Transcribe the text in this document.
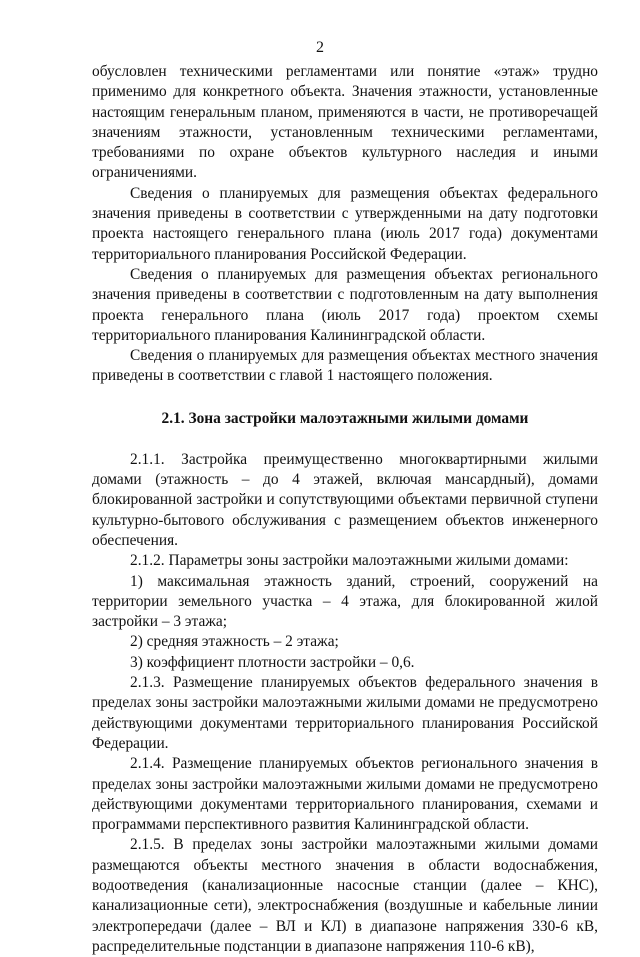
2

обусловлен техническими регламентами или понятие «этаж» трудно применимо для конкретного объекта. Значения этажности, установленные настоящим генеральным планом, применяются в части, не противоречащей значениям этажности, установленным техническими регламентами, требованиями по охране объектов культурного наследия и иными ограничениями.

Сведения о планируемых для размещения объектах федерального значения приведены в соответствии с утвержденными на дату подготовки проекта настоящего генерального плана (июль 2017 года) документами территориального планирования Российской Федерации.

Сведения о планируемых для размещения объектах регионального значения приведены в соответствии с подготовленным на дату выполнения проекта генерального плана (июль 2017 года) проектом схемы территориального планирования Калининградской области.

Сведения о планируемых для размещения объектах местного значения приведены в соответствии с главой 1 настоящего положения.

2.1. Зона застройки малоэтажными жилыми домами

2.1.1. Застройка преимущественно многоквартирными жилыми домами (этажность – до 4 этажей, включая мансардный), домами блокированной застройки и сопутствующими объектами первичной ступени культурно-бытового обслуживания с размещением объектов инженерного обеспечения.

2.1.2. Параметры зоны застройки малоэтажными жилыми домами:

1) максимальная этажность зданий, строений, сооружений на территории земельного участка – 4 этажа, для блокированной жилой застройки – 3 этажа;

2) средняя этажность – 2 этажа;

3) коэффициент плотности застройки – 0,6.

2.1.3. Размещение планируемых объектов федерального значения в пределах зоны застройки малоэтажными жилыми домами не предусмотрено действующими документами территориального планирования Российской Федерации.

2.1.4. Размещение планируемых объектов регионального значения в пределах зоны застройки малоэтажными жилыми домами не предусмотрено действующими документами территориального планирования, схемами и программами перспективного развития Калининградской области.

2.1.5. В пределах зоны застройки малоэтажными жилыми домами размещаются объекты местного значения в области водоснабжения, водоотведения (канализационные насосные станции (далее – КНС), канализационные сети), электроснабжения (воздушные и кабельные линии электропередачи (далее – ВЛ и КЛ) в диапазоне напряжения 330-6 кВ, распределительные подстанции в диапазоне напряжения 110-6 кВ),
